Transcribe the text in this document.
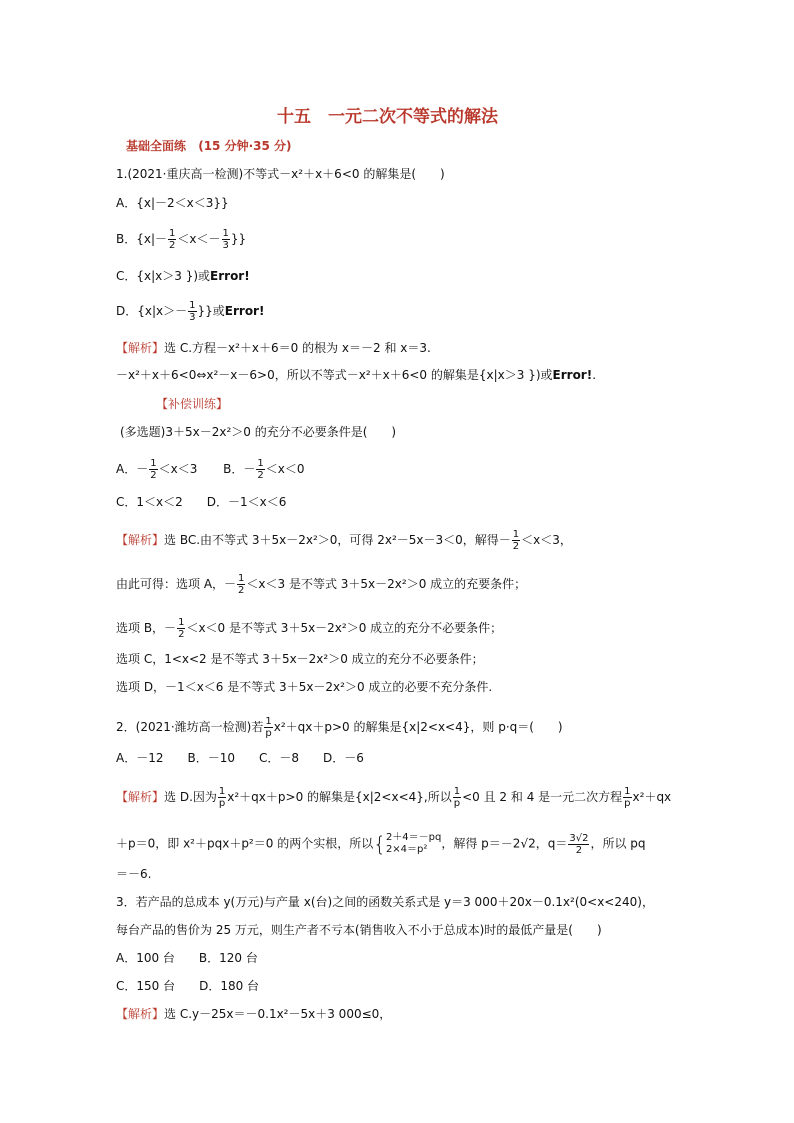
十五　一元二次不等式的解法
基础全面练 (15 分钟·35 分)
1.(2021·重庆高一检测)不等式－x²＋x＋6<0 的解集是(　　)
A．{x|－2＜x＜3}}
B．{$x|- \frac{1}{2} <x<- \frac{1}{3}$ }}
C．{x|x＞3 })或Error!
D．{$x|x>- \frac{1}{3}$ }}或Error!
【解析】选 C.方程－x²＋x＋6＝0 的根为 x＝－2 和 x＝3.
－x²＋x＋6<0⇔x²－x－6>0，所以不等式－x²＋x＋6<0 的解集是{x|x＞3 })或Error!.
【补偿训练】
(多选题)3＋5x－2x²＞0 的充分不必要条件是(　　)
A．－ $\frac{1}{2} <x<3$ B．－ $\frac{1}{2} <x<0$
C．1＜x＜2　　D．－1＜x＜6
【解析】选 BC.由不等式 3＋5x－2x²＞0，可得 2x²－5x－3＜0，解得－ $\frac{1}{2} <x<3$，
由此可得：选项 A，－ $\frac{1}{2} <x<3$ 是不等式 3＋5x－2x²＞0 成立的充要条件；
选项 B，－ $\frac{1}{2} <x<0$ 是不等式 3＋5x－2x²＞0 成立的充分不必要条件；
选项 C，1<x<2 是不等式 3＋5x－2x²＞0 成立的充分不必要条件；
选项 D，－1＜x＜6 是不等式 3＋5x－2x²＞0 成立的必要不充分条件.
2．(2021·潍坊高一检测)若 $\frac{1}{p} x^2+qx+p>0$ 的解集是{x|2<x<4}，则 p·q＝(　　)
A．－12　　B．－10　　C．－8　　D．－6
【解析】选 D.因为 $\frac{1}{p} x^2+qx+p>0$ 的解集是{x|2<x<4},所以 $\frac{1}{p} <0$ 且 2 和 4 是一元二次方程 $\frac{1}{p} x^2+qx$
＋p＝0，即 x²＋pqx＋p²＝0 的两个实根，所以{ 2＋4＝－pq
2×4＝p²	，解得 p＝－2√2，$q= \frac{3√2}{2}$ ，所以 pq
＝－6.
3．若产品的总成本 y(万元)与产量 x(台)之间的函数关系式是 y＝3 000＋20x－0.1x²(0<x<240)，
每台产品的售价为 25 万元，则生产者不亏本(销售收入不小于总成本)时的最低产量是(　　)
A．100 台　　B．120 台
C．150 台　　D．180 台
【解析】选 C.y－25x＝－0.1x²－5x＋3 000≤0，
